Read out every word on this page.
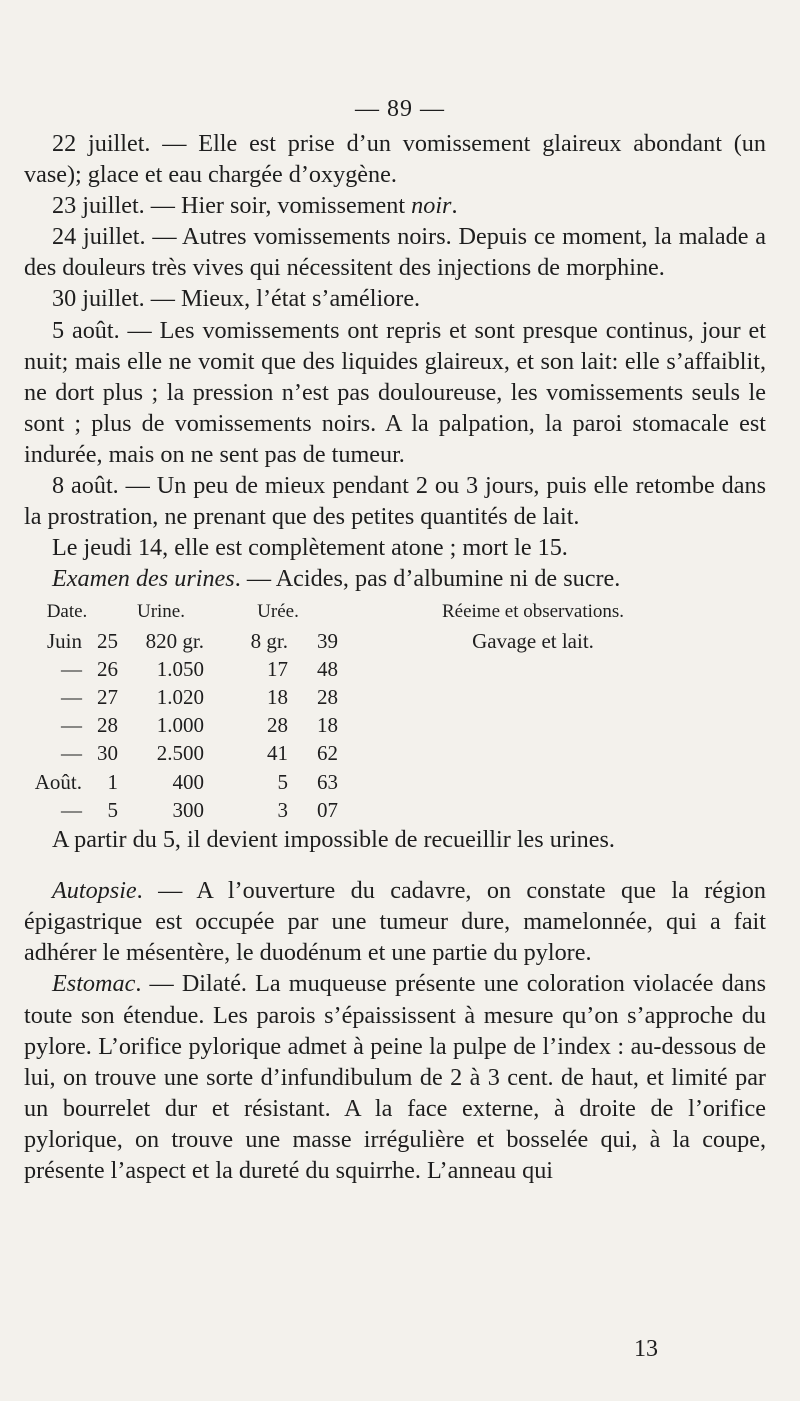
— 89 —

22 juillet. — Elle est prise d’un vomissement glaireux abondant (un vase); glace et eau chargée d’oxygène.

23 juillet. — Hier soir, vomissement noir.

24 juillet. — Autres vomissements noirs. Depuis ce moment, la malade a des douleurs très vives qui nécessitent des injections de morphine.

30 juillet. — Mieux, l’état s’améliore.

5 août. — Les vomissements ont repris et sont presque continus, jour et nuit; mais elle ne vomit que des liquides glaireux, et son lait: elle s’affaiblit, ne dort plus ; la pression n’est pas douloureuse, les vomissements seuls le sont ; plus de vomissements noirs. A la palpation, la paroi stomacale est indurée, mais on ne sent pas de tumeur.

8 août. — Un peu de mieux pendant 2 ou 3 jours, puis elle retombe dans la prostration, ne prenant que des petites quantités de lait.

Le jeudi 14, elle est complètement atone ; mort le 15.

Examen des urines. — Acides, pas d’albumine ni de sucre.

Date.		Urine.	Urée.		Réeime et observations.
Juin	25	820 gr.	8 gr.	39	Gavage et lait.
—	26	1.050	17	48	
—	27	1.020	18	28	
—	28	1.000	28	18	
—	30	2.500	41	62	
Août.	1	400	5	63	
—	5	300	3	07	

A partir du 5, il devient impossible de recueillir les urines.

Autopsie. — A l’ouverture du cadavre, on constate que la région épigastrique est occupée par une tumeur dure, mamelonnée, qui a fait adhérer le mésentère, le duodénum et une partie du pylore.

Estomac. — Dilaté. La muqueuse présente une coloration violacée dans toute son étendue. Les parois s’épaississent à mesure qu’on s’approche du pylore. L’orifice pylorique admet à peine la pulpe de l’index : au-dessous de lui, on trouve une sorte d’infundibulum de 2 à 3 cent. de haut, et limité par un bourrelet dur et résistant. A la face externe, à droite de l’orifice pylorique, on trouve une masse irrégulière et bosselée qui, à la coupe, présente l’aspect et la dureté du squirrhe. L’anneau qui

13
